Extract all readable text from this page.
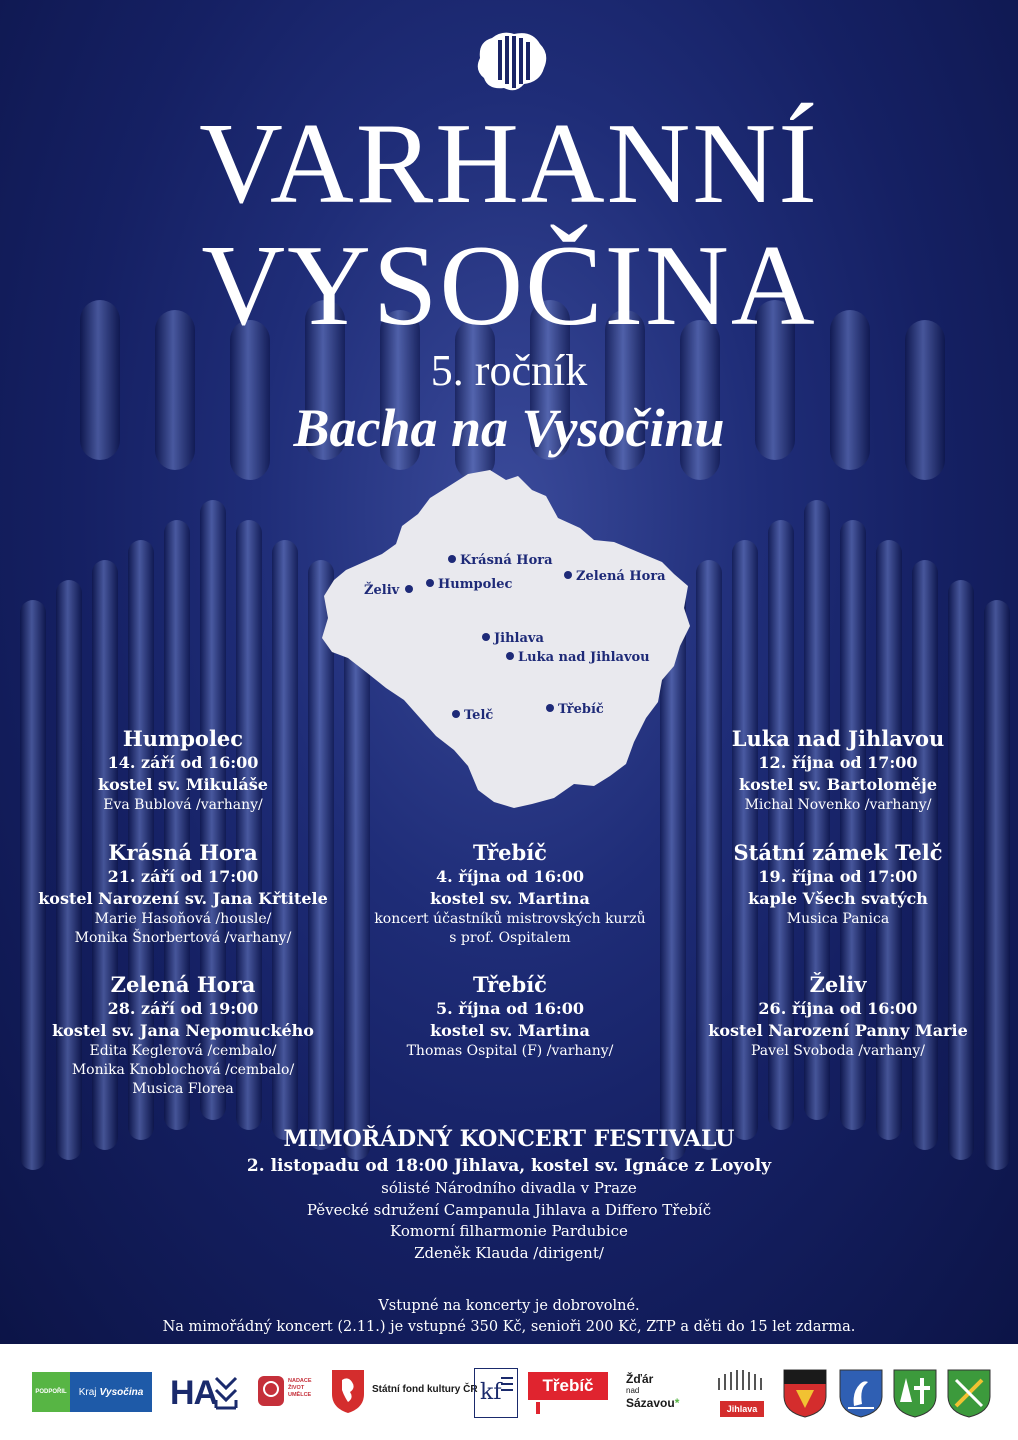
VARHANNÍ
VYSOČINA
5. ročník
Bacha na Vysočinu
Krásná Hora
Želiv	Humpolec
Zelená Hora
Jihlava
Luka nad Jihlavou
Telč	Třebíč
Humpolec
14. září od 16:00
kostel sv. Mikuláše
Eva Bublová /varhany/
Luka nad Jihlavou
12. října od 17:00
kostel sv. Bartoloměje
Michal Novenko /varhany/
Krásná Hora
21. září od 17:00
kostel Narození sv. Jana Křtitele
Marie Hasoňová /housle/
Monika Šnorbertová /varhany/
Třebíč
4. října od 16:00
kostel sv. Martina
koncert účastníků mistrovských kurzů
s prof. Ospitalem
Státní zámek Telč
19. října od 17:00
kaple Všech svatých
Musica Panica
Zelená Hora
28. září od 19:00
kostel sv. Jana Nepomuckého
Edita Keglerová /cembalo/
Monika Knoblochová /cembalo/
Musica Florea
Třebíč
5. října od 16:00
kostel sv. Martina
Thomas Ospital (F) /varhany/
Želiv
26. října od 16:00
kostel Narození Panny Marie
Pavel Svoboda /varhany/
MIMOŘÁDNÝ KONCERT FESTIVALU
2. listopadu od 18:00 Jihlava, kostel sv. Ignáce z Loyoly
sólisté Národního divadla v Praze
Pěvecké sdružení Campanula Jihlava a Differo Třebíč
Komorní filharmonie Pardubice
Zdeněk Klauda /dirigent/
Vstupné na koncerty je dobrovolné.
Na mimořádný koncert (2.11.) je vstupné 350 Kč, senioři 200 Kč, ZTP a děti do 15 let zdarma.
PODPOŘIL	Kraj Vysočina HA	NADACE
ŽIVOT
UMĚLCE	Státní fond kultury ČR kf Třebíč	Žďár
nad
Sázavou*	Jihlava
